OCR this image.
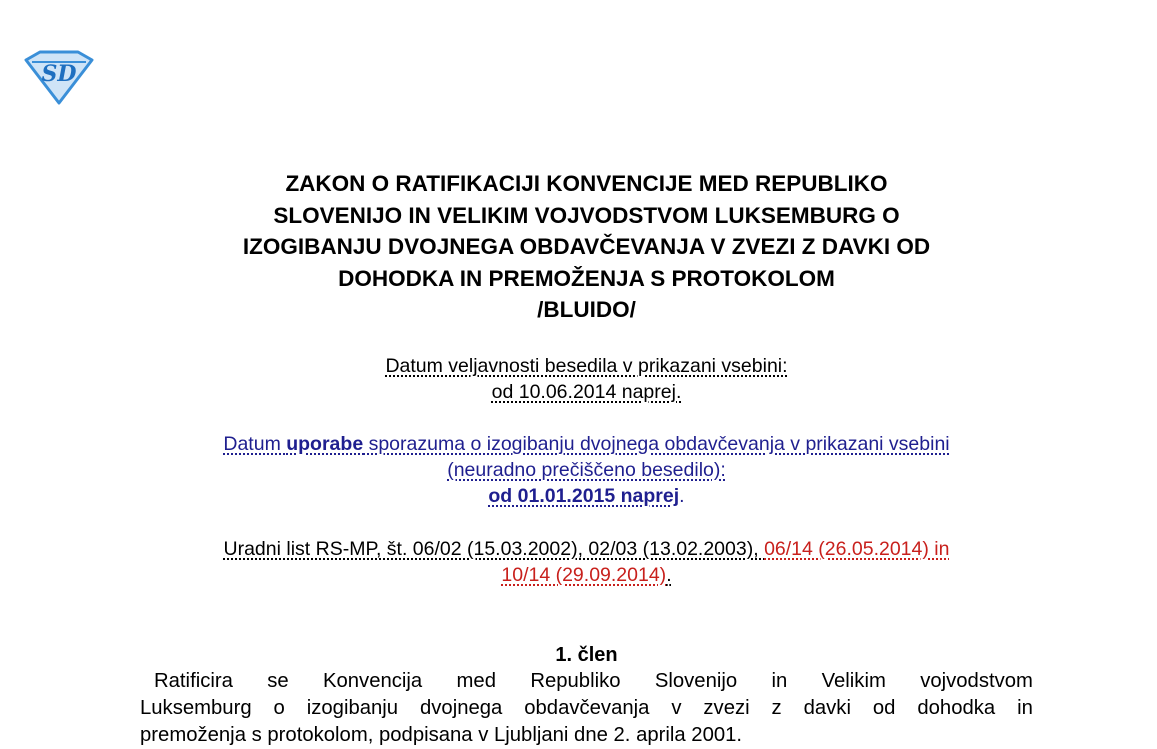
SD
ZAKON O RATIFIKACIJI KONVENCIJE MED REPUBLIKO
SLOVENIJO IN VELIKIM VOJVODSTVOM LUKSEMBURG O
IZOGIBANJU DVOJNEGA OBDAVČEVANJA V ZVEZI Z DAVKI OD
DOHODKA IN PREMOŽENJA S PROTOKOLOM
/BLUIDO/
Datum veljavnosti besedila v prikazani vsebini:
od 10.06.2014 naprej.
Datum uporabe sporazuma o izogibanju dvojnega obdavčevanja v prikazani vsebini
(neuradno prečiščeno besedilo):
od 01.01.2015 naprej.
Uradni list RS-MP, št. 06/02 (15.03.2002), 02/03 (13.02.2003), 06/14 (26.05.2014) in
10/14 (29.09.2014).
1. člen
Ratificira se Konvencija med Republiko Slovenijo in Velikim vojvodstvom
Luksemburg o izogibanju dvojnega obdavčevanja v zvezi z davki od dohodka in
premoženja s protokolom, podpisana v Ljubljani dne 2. aprila 2001.
